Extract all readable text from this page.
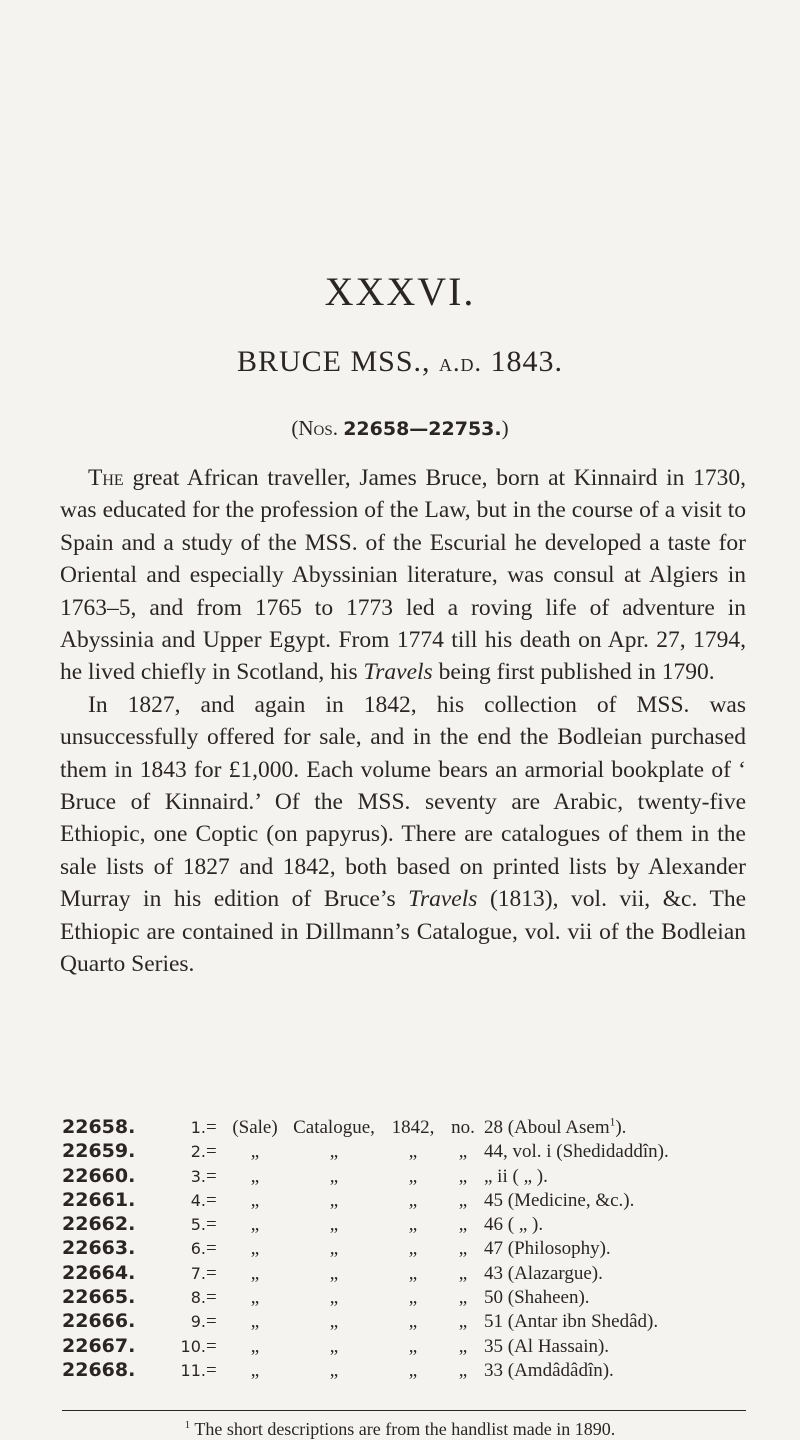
XXXVI.
BRUCE MSS., a.d. 1843.
(Nos. 22658—22753.)

The great African traveller, James Bruce, born at Kinnaird in 1730, was educated for the profession of the Law, but in the course of a visit to Spain and a study of the MSS. of the Escurial he developed a taste for Oriental and especially Abyssinian literature, was consul at Algiers in 1763–5, and from 1765 to 1773 led a roving life of adventure in Abyssinia and Upper Egypt. From 1774 till his death on Apr. 27, 1794, he lived chiefly in Scotland, his Travels being first published in 1790.

In 1827, and again in 1842, his collection of MSS. was unsuccessfully offered for sale, and in the end the Bodleian purchased them in 1843 for £1,000. Each volume bears an armorial bookplate of ‘ Bruce of Kinnaird.’ Of the MSS. seventy are Arabic, twenty-five Ethiopic, one Coptic (on papyrus). There are catalogues of them in the sale lists of 1827 and 1842, both based on printed lists by Alexander Murray in his edition of Bruce’s Travels (1813), vol. vii, &c. The Ethiopic are contained in Dillmann’s Catalogue, vol. vii of the Bodleian Quarto Series.

22658.	1.	=	(Sale)	Catalogue,	1842,	no.	28 (Aboul Asem$^1$).
22659.	2.	=	„	„	„	„	44, vol. i (Shedidaddîn).
22660.	3.	=	„	„	„	„	„ ii ( „ ).
22661.	4.	=	„	„	„	„	45 (Medicine, &c.).
22662.	5.	=	„	„	„	„	46 ( „ ).
22663.	6.	=	„	„	„	„	47 (Philosophy).
22664.	7.	=	„	„	„	„	43 (Alazargue).
22665.	8.	=	„	„	„	„	50 (Shaheen).
22666.	9.	=	„	„	„	„	51 (Antar ibn Shedâd).
22667.	10.	=	„	„	„	„	35 (Al Hassain).
22668.	11.	=	„	„	„	„	33 (Amdâdâdîn).
$^1$ The short descriptions are from the handlist made in 1890.
